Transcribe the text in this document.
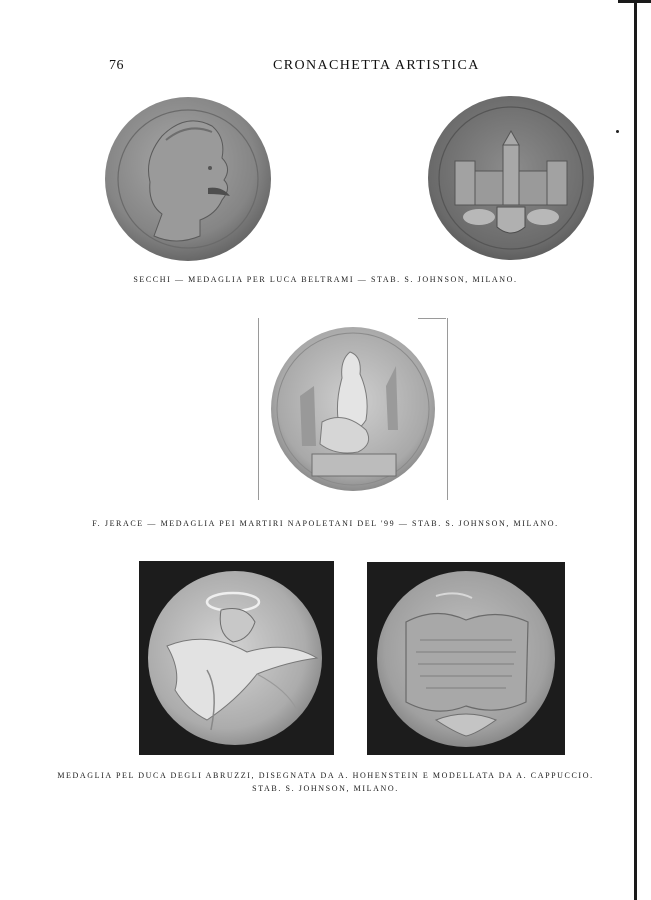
76	CRONACHETTA ARTISTICA
SECCHI — MEDAGLIA PER LUCA BELTRAMI — STAB. S. JOHNSON, MILANO.
F. JERACE — MEDAGLIA PEI MARTIRI NAPOLETANI DEL '99 — STAB. S. JOHNSON, MILANO.
MEDAGLIA PEL DUCA DEGLI ABRUZZI, DISEGNATA DA A. HOHENSTEIN E MODELLATA DA A. CAPPUCCIO.
STAB. S. JOHNSON, MILANO.
